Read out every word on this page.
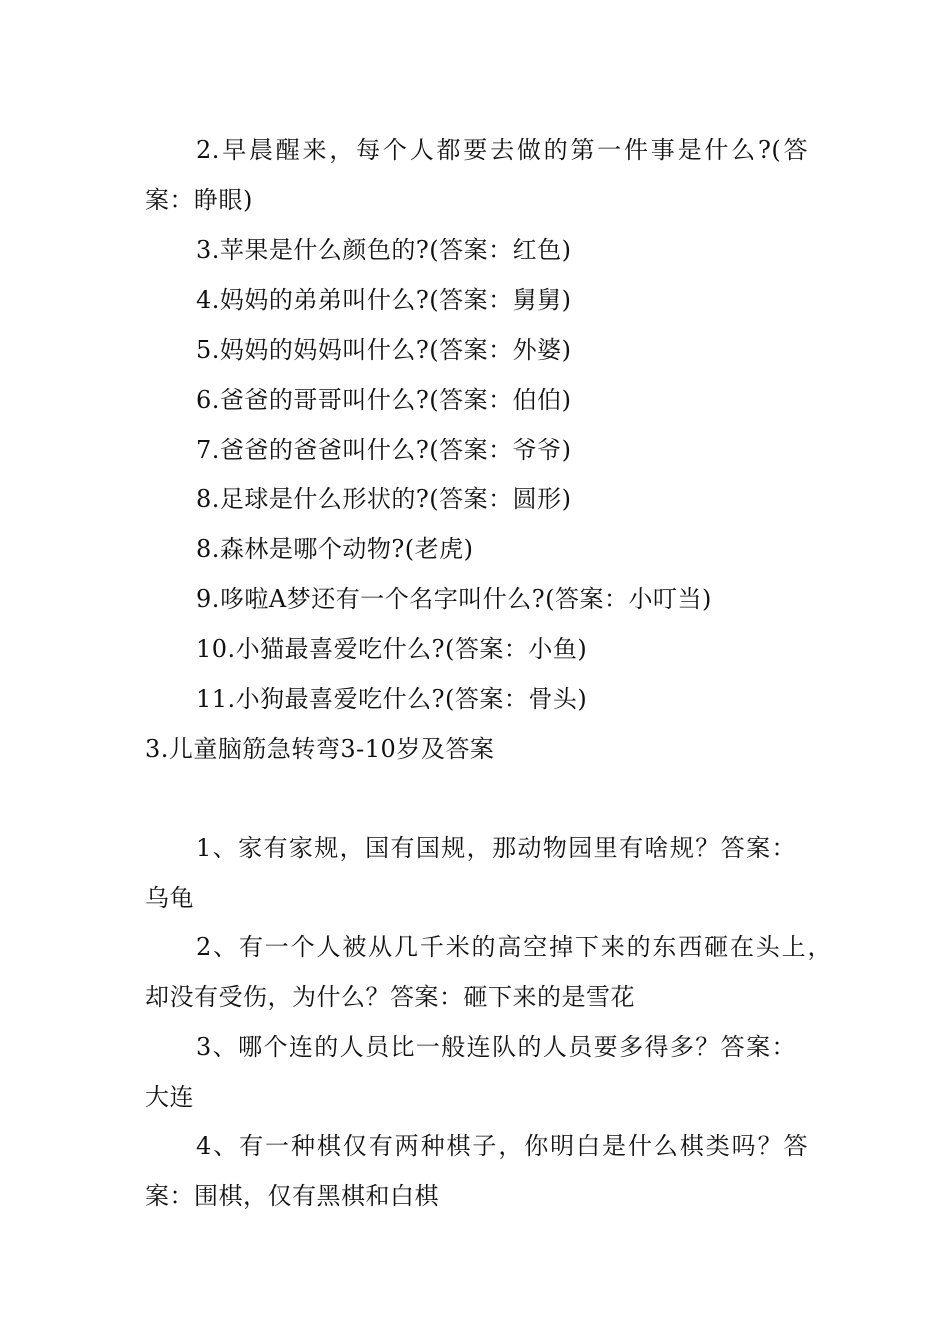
2.早晨醒来，每个人都要去做的第一件事是什么?(答
案：睁眼)
3.苹果是什么颜色的?(答案：红色)
4.妈妈的弟弟叫什么?(答案：舅舅)
5.妈妈的妈妈叫什么?(答案：外婆)
6.爸爸的哥哥叫什么?(答案：伯伯)
7.爸爸的爸爸叫什么?(答案：爷爷)
8.足球是什么形状的?(答案：圆形)
8.森林是哪个动物?(老虎)
9.哆啦A梦还有一个名字叫什么?(答案：小叮当)
10.小猫最喜爱吃什么?(答案：小鱼)
11.小狗最喜爱吃什么?(答案：骨头)
3.儿童脑筋急转弯3-10岁及答案
1、家有家规，国有国规，那动物园里有啥规？答案：
乌龟
2、有一个人被从几千米的高空掉下来的东西砸在头上，
却没有受伤，为什么？答案：砸下来的是雪花
3、哪个连的人员比一般连队的人员要多得多？答案：
大连
4、有一种棋仅有两种棋子，你明白是什么棋类吗？答
案：围棋，仅有黑棋和白棋
